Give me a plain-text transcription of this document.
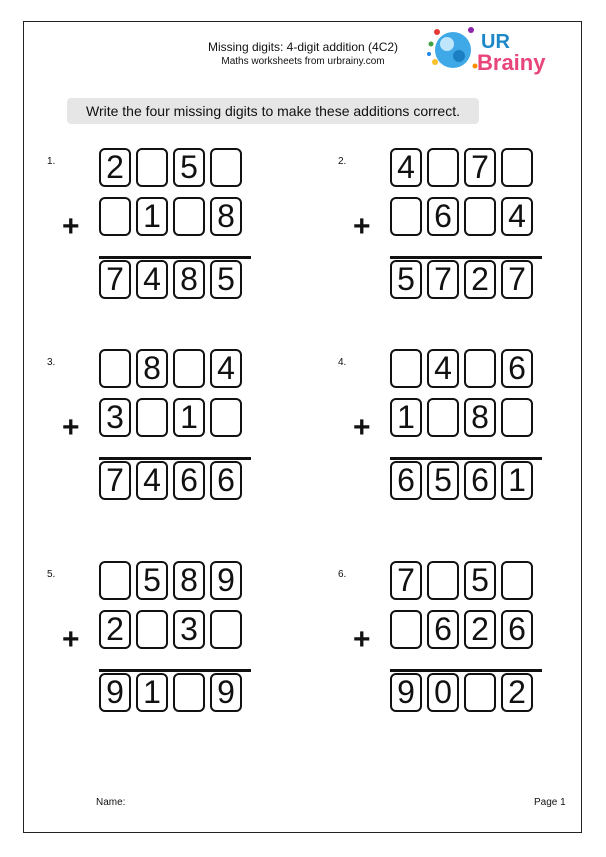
Missing digits: 4-digit addition (4C2)
Maths worksheets from urbrainy.com
UR
Brainy
Write the four missing digits to make these additions correct.
1.
+
2 5
1 8
7 4 8 5
2.
+
4 7
6 4
5 7 2 7
3.
+
8 4
3 1
7 4 6 6
4.
+
4 6
1 8
6 5 6 1
5.
+
5 8 9
2 3
9 1 9
6.
+
7 5
6 2 6
9 0 2
Name:	Page 1
